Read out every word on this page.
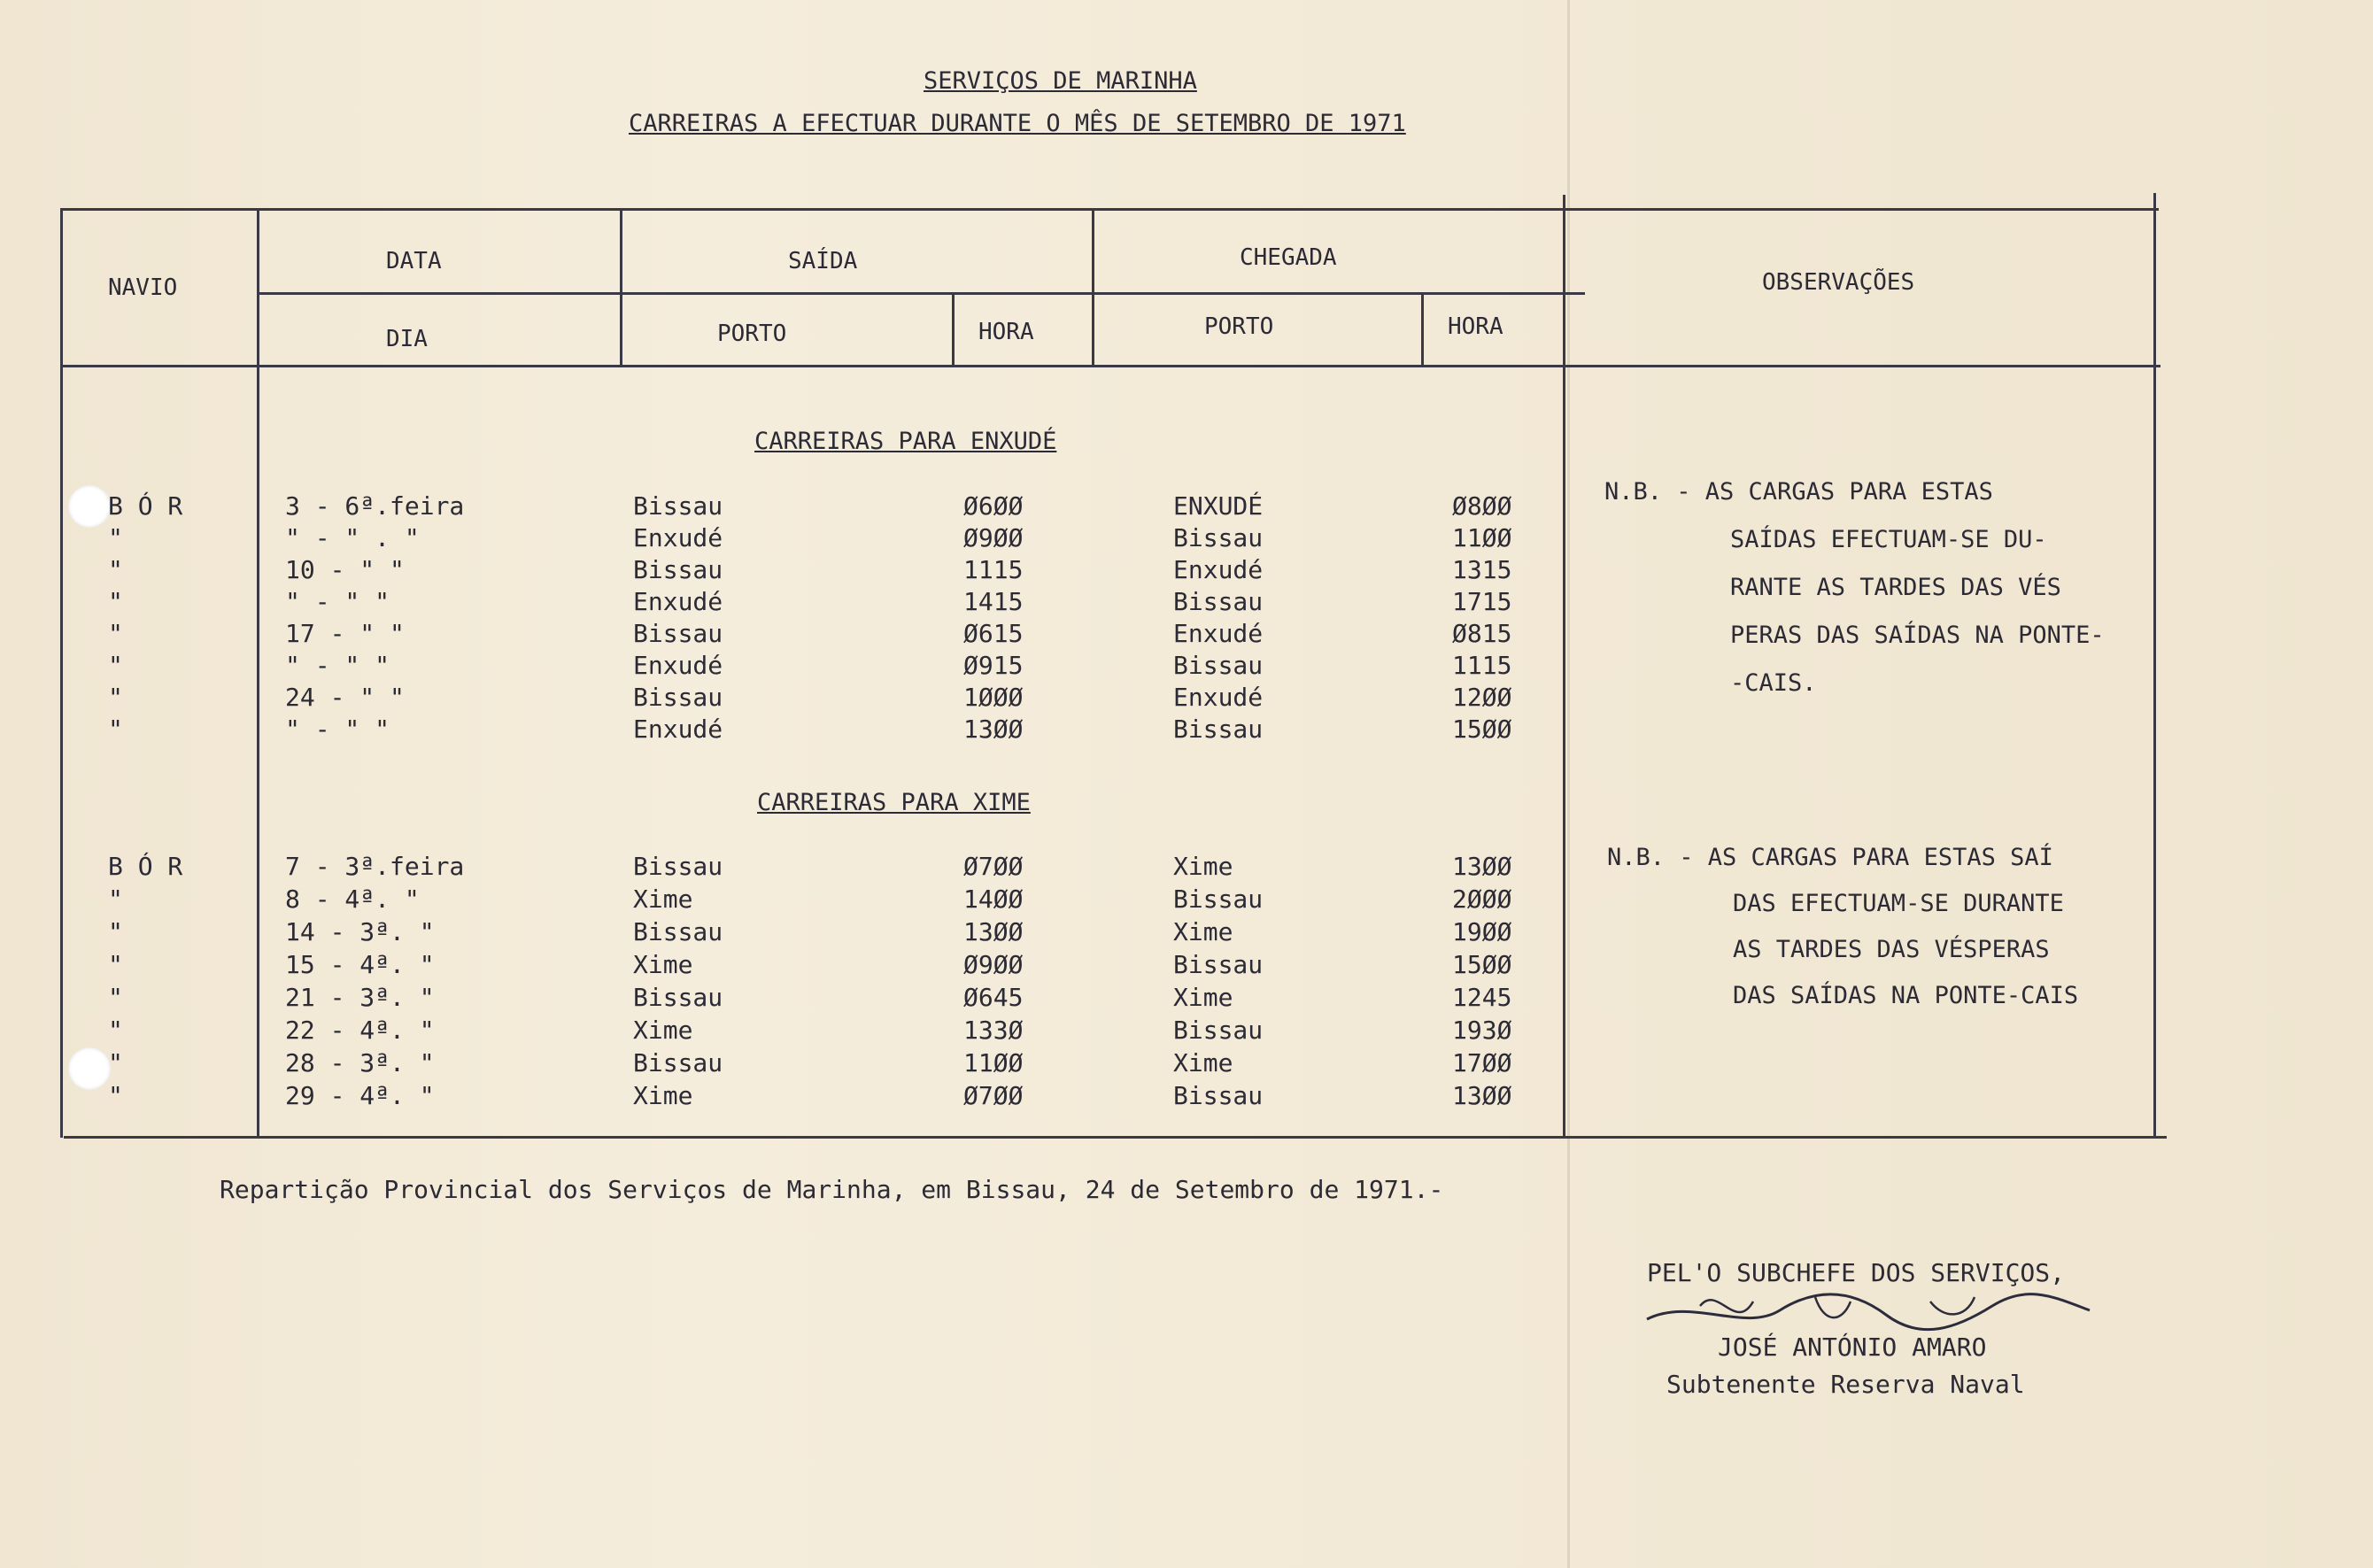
SERVIÇOS DE MARINHA
CARREIRAS A EFECTUAR DURANTE O MÊS DE SETEMBRO DE 1971
NAVIO
DATA	SAÍDA	CHEGADA
OBSERVAÇÕES
DIA	PORTO	HORA	PORTO	HORA
CARREIRAS PARA ENXUDÉ
B Ó R	3 - 6ª.feira	Bissau	Ø6ØØ	ENXUDÉ	Ø8ØØ
"	" - " . "	Enxudé	Ø9ØØ	Bissau	11ØØ
"	10 - " "	Bissau	1115	Enxudé	1315
"	" - " "	Enxudé	1415	Bissau	1715
"	17 - " "	Bissau	Ø615	Enxudé	Ø815
"	" - " "	Enxudé	Ø915	Bissau	1115
"	24 - " "	Bissau	1ØØØ	Enxudé	12ØØ
"	" - " "	Enxudé	13ØØ	Bissau	15ØØ
N.B. - AS CARGAS PARA ESTAS
SAÍDAS EFECTUAM-SE DU-
RANTE AS TARDES DAS VÉS
PERAS DAS SAÍDAS NA PONTE-
-CAIS.
CARREIRAS PARA XIME
B Ó R	7 - 3ª.feira	Bissau	Ø7ØØ	Xime	13ØØ
"	8 - 4ª. "	Xime	14ØØ	Bissau	2ØØØ
"	14 - 3ª. "	Bissau	13ØØ	Xime	19ØØ
"	15 - 4ª. "	Xime	Ø9ØØ	Bissau	15ØØ
"	21 - 3ª. "	Bissau	Ø645	Xime	1245
"	22 - 4ª. "	Xime	133Ø	Bissau	193Ø
"	28 - 3ª. "	Bissau	11ØØ	Xime	17ØØ
"	29 - 4ª. "	Xime	Ø7ØØ	Bissau	13ØØ
N.B. - AS CARGAS PARA ESTAS SAÍ
DAS EFECTUAM-SE DURANTE
AS TARDES DAS VÉSPERAS
DAS SAÍDAS NA PONTE-CAIS
Repartição Provincial dos Serviços de Marinha, em Bissau, 24 de Setembro de 1971.-
PEL'O SUBCHEFE DOS SERVIÇOS,
JOSÉ ANTÓNIO AMARO
Subtenente Reserva Naval
